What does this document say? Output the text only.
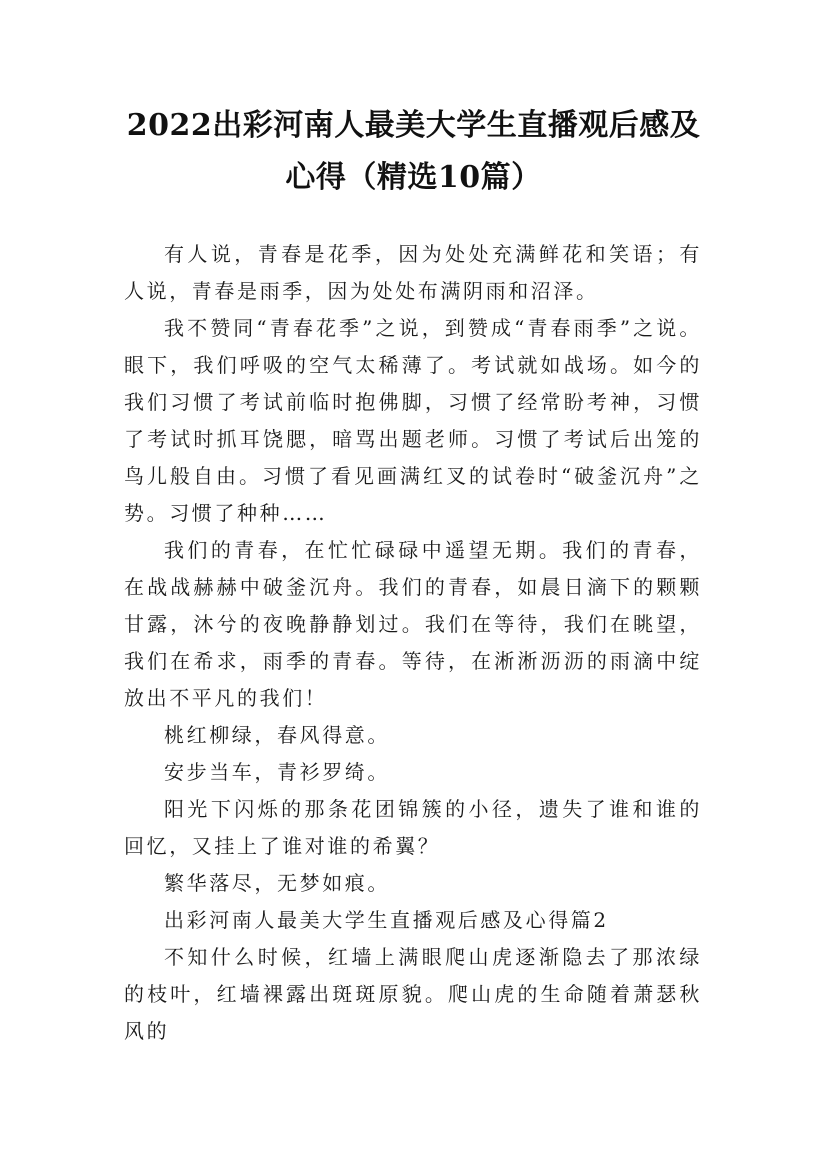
2022出彩河南人最美大学生直播观后感及
心得（精选10篇）

有人说，青春是花季，因为处处充满鲜花和笑语；有人说，青春是雨季，因为处处布满阴雨和沼泽。

我不赞同“青春花季”之说，到赞成“青春雨季”之说。眼下，我们呼吸的空气太稀薄了。考试就如战场。如今的我们习惯了考试前临时抱佛脚，习惯了经常盼考神，习惯了考试时抓耳饶腮，暗骂出题老师。习惯了考试后出笼的鸟儿般自由。习惯了看见画满红叉的试卷时“破釜沉舟”之势。习惯了种种……

我们的青春，在忙忙碌碌中遥望无期。我们的青春，在战战赫赫中破釜沉舟。我们的青春，如晨日滴下的颗颗甘露，沐兮的夜晚静静划过。我们在等待，我们在眺望，我们在希求，雨季的青春。等待，在淅淅沥沥的雨滴中绽放出不平凡的我们！

桃红柳绿，春风得意。

安步当车，青衫罗绮。

阳光下闪烁的那条花团锦簇的小径，遗失了谁和谁的回忆，又挂上了谁对谁的希翼？

繁华落尽，无梦如痕。

出彩河南人最美大学生直播观后感及心得篇2

不知什么时候，红墙上满眼爬山虎逐渐隐去了那浓绿的枝叶，红墙裸露出斑斑原貌。爬山虎的生命随着萧瑟秋风的
